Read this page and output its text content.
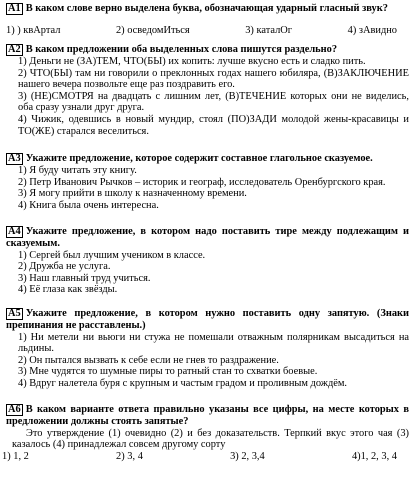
А1 В каком слове верно выделена буква, обозначающая ударный гласный звук?
1) ) квАртал	2) осведомИться	3) каталОг	4) зАвидно
А2 В каком предложении оба выделенных слова пишутся раздельно?
1) Деньги не (ЗА)ТЕМ, ЧТО(БЫ) их копить: лучше вкусно есть и сладко пить.
2) ЧТО(БЫ) там ни говорили о преклонных годах нашего юбиляра, (В)ЗАКЛЮЧЕНИЕ нашего вечера позвольте еще раз поздравить его.
3) (НЕ)СМОТРЯ на двадцать с лишним лет, (В)ТЕЧЕНИЕ которых они не виделись, оба сразу узнали друг друга.
4) Чижик, одевшись в новый мундир, стоял (ПО)ЗАДИ молодой жены-красавицы и ТО(ЖЕ) старался веселиться.
А3 Укажите предложение, которое содержит составное глагольное сказуемое.
1) Я буду читать эту книгу.
2) Петр Иванович Рычков – историк и географ, исследователь Оренбургского края.
3) Я могу прийти в школу к назначенному времени.
4) Книга была очень интересна.
А4 Укажите предложение, в котором надо поставить тире между подлежащим и сказуемым.
1) Сергей был лучшим учеником в классе.
2) Дружба не услуга.
3) Наш главный труд учиться.
4) Её глаза как звёзды.
А5 Укажите предложение, в котором нужно поставить одну запятую. (Знаки препинания не расставлены.)
1) Ни метели ни вьюги ни стужа не помешали отважным полярникам высадиться на льдины.
2) Он пытался вызвать к себе если не гнев то раздражение.
3) Мне чудятся то шумные пиры то ратный стан то схватки боевые.
4) Вдруг налетела буря с крупным и частым градом и проливным дождём.
А6 В каком варианте ответа правильно указаны все цифры, на месте которых в предложении должны стоять запятые?
Это утверждение (1) очевидно (2) и без доказательств. Терпкий вкус этого чая (3) казалось (4) принадлежал совсем другому сорту
1) 1, 2	2) 3, 4	3) 2, 3,4	4)1, 2, 3, 4
